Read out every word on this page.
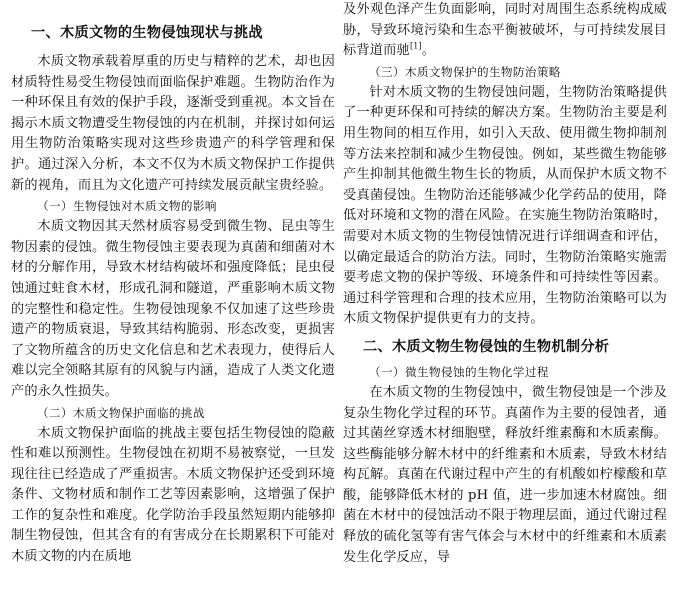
一、木质文物的生物侵蚀现状与挑战

木质文物承载着厚重的历史与精粹的艺术，却也因材质特性易受生物侵蚀而面临保护难题。生物防治作为一种环保且有效的保护手段，逐渐受到重视。本文旨在揭示木质文物遭受生物侵蚀的内在机制，并探讨如何运用生物防治策略实现对这些珍贵遗产的科学管理和保护。通过深入分析，本文不仅为木质文物保护工作提供新的视角，而且为文化遗产可持续发展贡献宝贵经验。

（一）生物侵蚀对木质文物的影响

木质文物因其天然材质容易受到微生物、昆虫等生物因素的侵蚀。微生物侵蚀主要表现为真菌和细菌对木材的分解作用，导致木材结构破坏和强度降低；昆虫侵蚀通过蛀食木材，形成孔洞和隧道，严重影响木质文物的完整性和稳定性。生物侵蚀现象不仅加速了这些珍贵遗产的物质衰退，导致其结构脆弱、形态改变，更损害了文物所蕴含的历史文化信息和艺术表现力，使得后人难以完全领略其原有的风貌与内涵，造成了人类文化遗产的永久性损失。

（二）木质文物保护面临的挑战

木质文物保护面临的挑战主要包括生物侵蚀的隐蔽性和难以预测性。生物侵蚀在初期不易被察觉，一旦发现往往已经造成了严重损害。木质文物保护还受到环境条件、文物材质和制作工艺等因素影响，这增强了保护工作的复杂性和难度。化学防治手段虽然短期内能够抑制生物侵蚀，但其含有的有害成分在长期累积下可能对木质文物的内在质地

及外观色泽产生负面影响，同时对周围生态系统构成威胁，导致环境污染和生态平衡被破坏，与可持续发展目标背道而驰[1]。

（三）木质文物保护的生物防治策略

针对木质文物的生物侵蚀问题，生物防治策略提供了一种更环保和可持续的解决方案。生物防治主要是利用生物间的相互作用，如引入天敌、使用微生物抑制剂等方法来控制和减少生物侵蚀。例如，某些微生物能够产生抑制其他微生物生长的物质，从而保护木质文物不受真菌侵蚀。生物防治还能够减少化学药品的使用，降低对环境和文物的潜在风险。在实施生物防治策略时，需要对木质文物的生物侵蚀情况进行详细调查和评估，以确定最适合的防治方法。同时，生物防治策略实施需要考虑文物的保护等级、环境条件和可持续性等因素。通过科学管理和合理的技术应用，生物防治策略可以为木质文物保护提供更有力的支持。

二、木质文物生物侵蚀的生物机制分析

（一）微生物侵蚀的生物化学过程

在木质文物的生物侵蚀中，微生物侵蚀是一个涉及复杂生物化学过程的环节。真菌作为主要的侵蚀者，通过其菌丝穿透木材细胞壁，释放纤维素酶和木质素酶。这些酶能够分解木材中的纤维素和木质素，导致木材结构瓦解。真菌在代谢过程中产生的有机酸如柠檬酸和草酸，能够降低木材的 pH 值，进一步加速木材腐蚀。细菌在木材中的侵蚀活动不限于物理层面，通过代谢过程释放的硫化氢等有害气体会与木材中的纤维素和木质素发生化学反应，导
